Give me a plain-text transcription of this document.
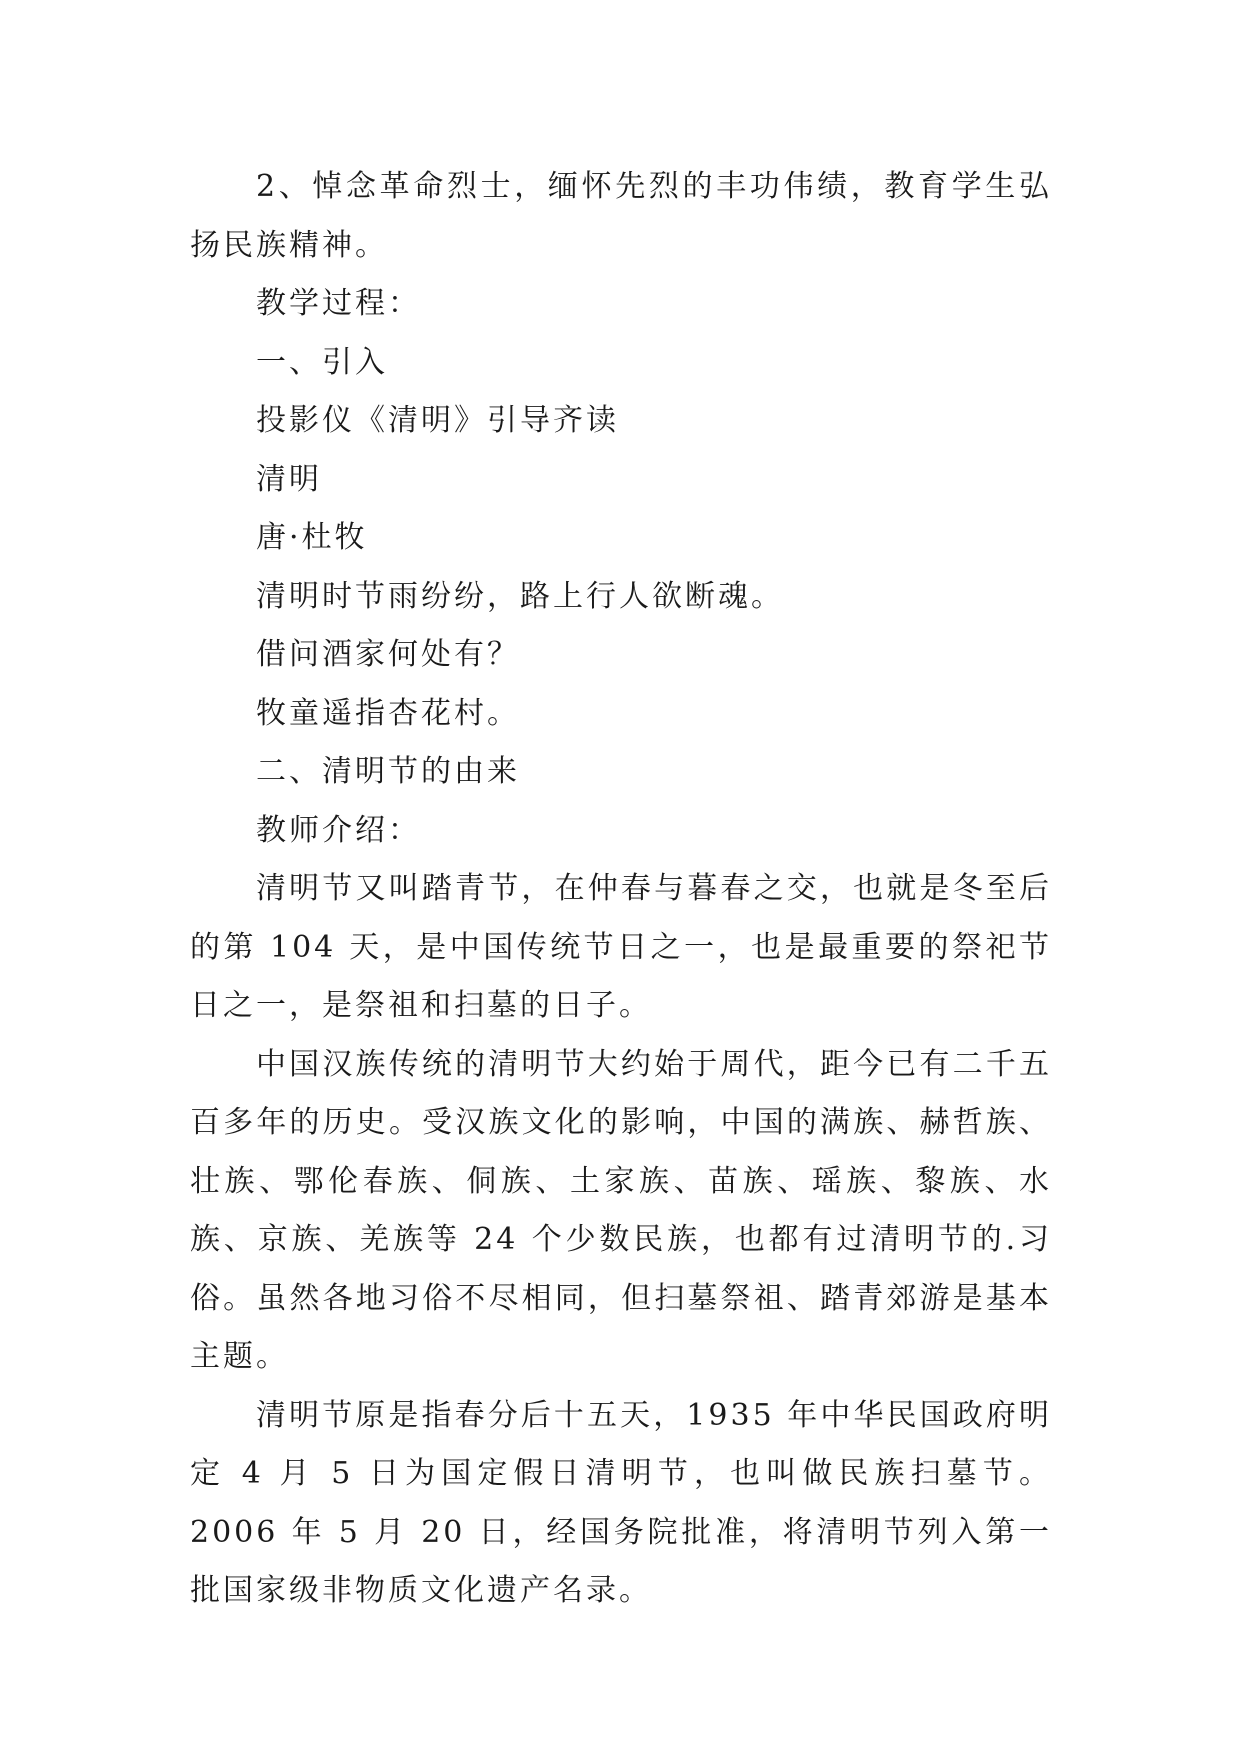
2、悼念革命烈士，缅怀先烈的丰功伟绩，教育学生弘扬民族精神。

教学过程：

一、引入

投影仪《清明》引导齐读

清明

唐·杜牧

清明时节雨纷纷，路上行人欲断魂。

借问酒家何处有？

牧童遥指杏花村。

二、清明节的由来

教师介绍：

清明节又叫踏青节，在仲春与暮春之交，也就是冬至后的第 104 天，是中国传统节日之一，也是最重要的祭祀节日之一，是祭祖和扫墓的日子。

中国汉族传统的清明节大约始于周代，距今已有二千五百多年的历史。受汉族文化的影响，中国的满族、赫哲族、壮族、鄂伦春族、侗族、土家族、苗族、瑶族、黎族、水族、京族、羌族等 24 个少数民族，也都有过清明节的.习俗。虽然各地习俗不尽相同，但扫墓祭祖、踏青郊游是基本主题。

清明节原是指春分后十五天，1935 年中华民国政府明定 4 月 5 日为国定假日清明节，也叫做民族扫墓节。2006 年 5 月 20 日，经国务院批准，将清明节列入第一批国家级非物质文化遗产名录。
